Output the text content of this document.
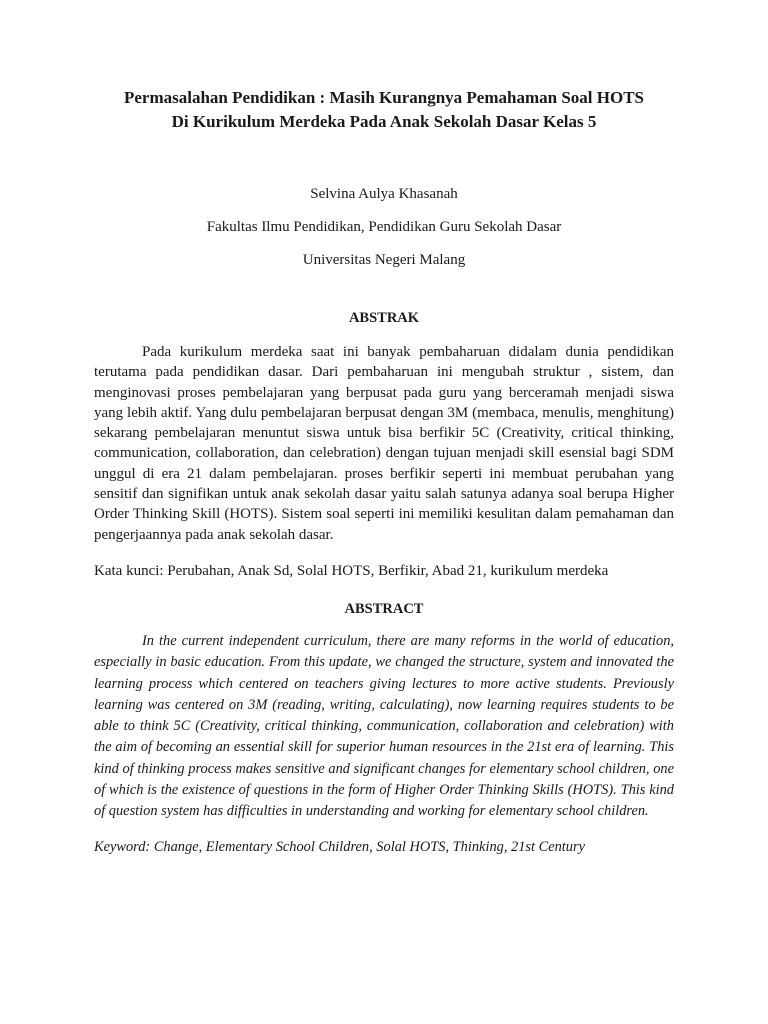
Permasalahan Pendidikan : Masih Kurangnya Pemahaman Soal HOTS
Di Kurikulum Merdeka Pada Anak Sekolah Dasar Kelas 5

Selvina Aulya Khasanah

Fakultas Ilmu Pendidikan, Pendidikan Guru Sekolah Dasar

Universitas Negeri Malang

ABSTRAK

Pada kurikulum merdeka saat ini banyak pembaharuan didalam dunia pendidikan terutama pada pendidikan dasar. Dari pembaharuan ini mengubah struktur , sistem, dan menginovasi proses pembelajaran yang berpusat pada guru yang berceramah menjadi siswa yang lebih aktif. Yang dulu pembelajaran berpusat dengan 3M (membaca, menulis, menghitung) sekarang pembelajaran menuntut siswa untuk bisa berfikir 5C (Creativity, critical thinking, communication, collaboration, dan celebration) dengan tujuan menjadi skill esensial bagi SDM unggul di era 21 dalam pembelajaran. proses berfikir seperti ini membuat perubahan yang sensitif dan signifikan untuk anak sekolah dasar yaitu salah satunya adanya soal berupa Higher Order Thinking Skill (HOTS). Sistem soal seperti ini memiliki kesulitan dalam pemahaman dan pengerjaannya pada anak sekolah dasar.

Kata kunci: Perubahan, Anak Sd, Solal HOTS, Berfikir, Abad 21, kurikulum merdeka

ABSTRACT

In the current independent curriculum, there are many reforms in the world of education, especially in basic education. From this update, we changed the structure, system and innovated the learning process which centered on teachers giving lectures to more active students. Previously learning was centered on 3M (reading, writing, calculating), now learning requires students to be able to think 5C (Creativity, critical thinking, communication, collaboration and celebration) with the aim of becoming an essential skill for superior human resources in the 21st era of learning. This kind of thinking process makes sensitive and significant changes for elementary school children, one of which is the existence of questions in the form of Higher Order Thinking Skills (HOTS). This kind of question system has difficulties in understanding and working for elementary school children.

Keyword: Change, Elementary School Children, Solal HOTS, Thinking, 21st Century
